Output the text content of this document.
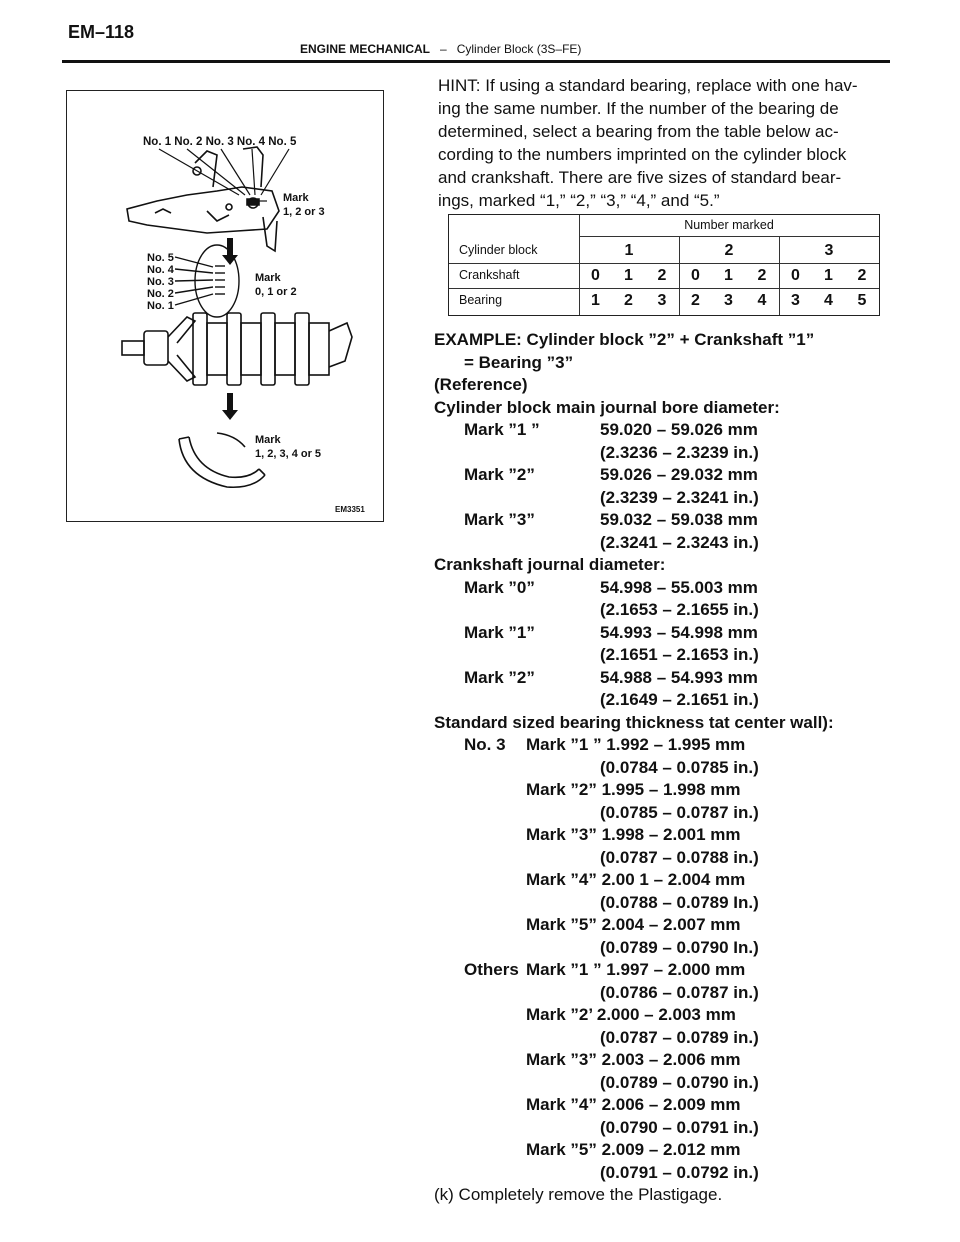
EM–118
ENGINE MECHANICAL – Cylinder Block (3S–FE)
No. 1 No. 2 No. 3 No. 4 No. 5
Mark
1, 2 or 3
No. 5
No. 4
No. 3
No. 2
No. 1
Mark
0, 1 or 2
Mark
1, 2, 3, 4 or 5
EM3351

HINT: If using a standard bearing, replace with one hav-

ing the same number. If the number of the bearing de

determined, select a bearing from the table below ac-

cording to the numbers imprinted on the cylinder block

and crankshaft. There are five sizes of standard bear-

ings, marked “1,” “2,” “3,” “4,” and “5.”

Number marked
Cylinder block	1	2	3
Crankshaft	0	1	2	0	1	2	0	1	2
Bearing	1	2	3	2	3	4	3	4	5
EXAMPLE: Cylinder block ”2” + Crankshaft ”1”
= Bearing ”3”
(Reference)
Cylinder block main journal bore diameter:
Mark ”1 ”	59.020 – 59.026 mm
(2.3236 – 2.3239 in.)
Mark ”2”	59.026 – 29.032 mm
(2.3239 – 2.3241 in.)
Mark ”3”	59.032 – 59.038 mm
(2.3241 – 2.3243 in.)
Crankshaft journal diameter:
Mark ”0”	54.998 – 55.003 mm
(2.1653 – 2.1655 in.)
Mark ”1”	54.993 – 54.998 mm
(2.1651 – 2.1653 in.)
Mark ”2”	54.988 – 54.993 mm
(2.1649 – 2.1651 in.)
Standard sized bearing thickness tat center wall):
No. 3 Mark ”1 ” 1.992 – 1.995 mm
(0.0784 – 0.0785 in.)
Mark ”2” 1.995 – 1.998 mm
(0.0785 – 0.0787 in.)
Mark ”3” 1.998 – 2.001 mm
(0.0787 – 0.0788 in.)
Mark ”4” 2.00 1 – 2.004 mm
(0.0788 – 0.0789 In.)
Mark ”5” 2.004 – 2.007 mm
(0.0789 – 0.0790 In.)
Others Mark ”1 ” 1.997 – 2.000 mm
(0.0786 – 0.0787 in.)
Mark ”2’ 2.000 – 2.003 mm
(0.0787 – 0.0789 in.)
Mark ”3” 2.003 – 2.006 mm
(0.0789 – 0.0790 in.)
Mark ”4” 2.006 – 2.009 mm
(0.0790 – 0.0791 in.)
Mark ”5” 2.009 – 2.012 mm
(0.0791 – 0.0792 in.)
(k) Completely remove the Plastigage.
